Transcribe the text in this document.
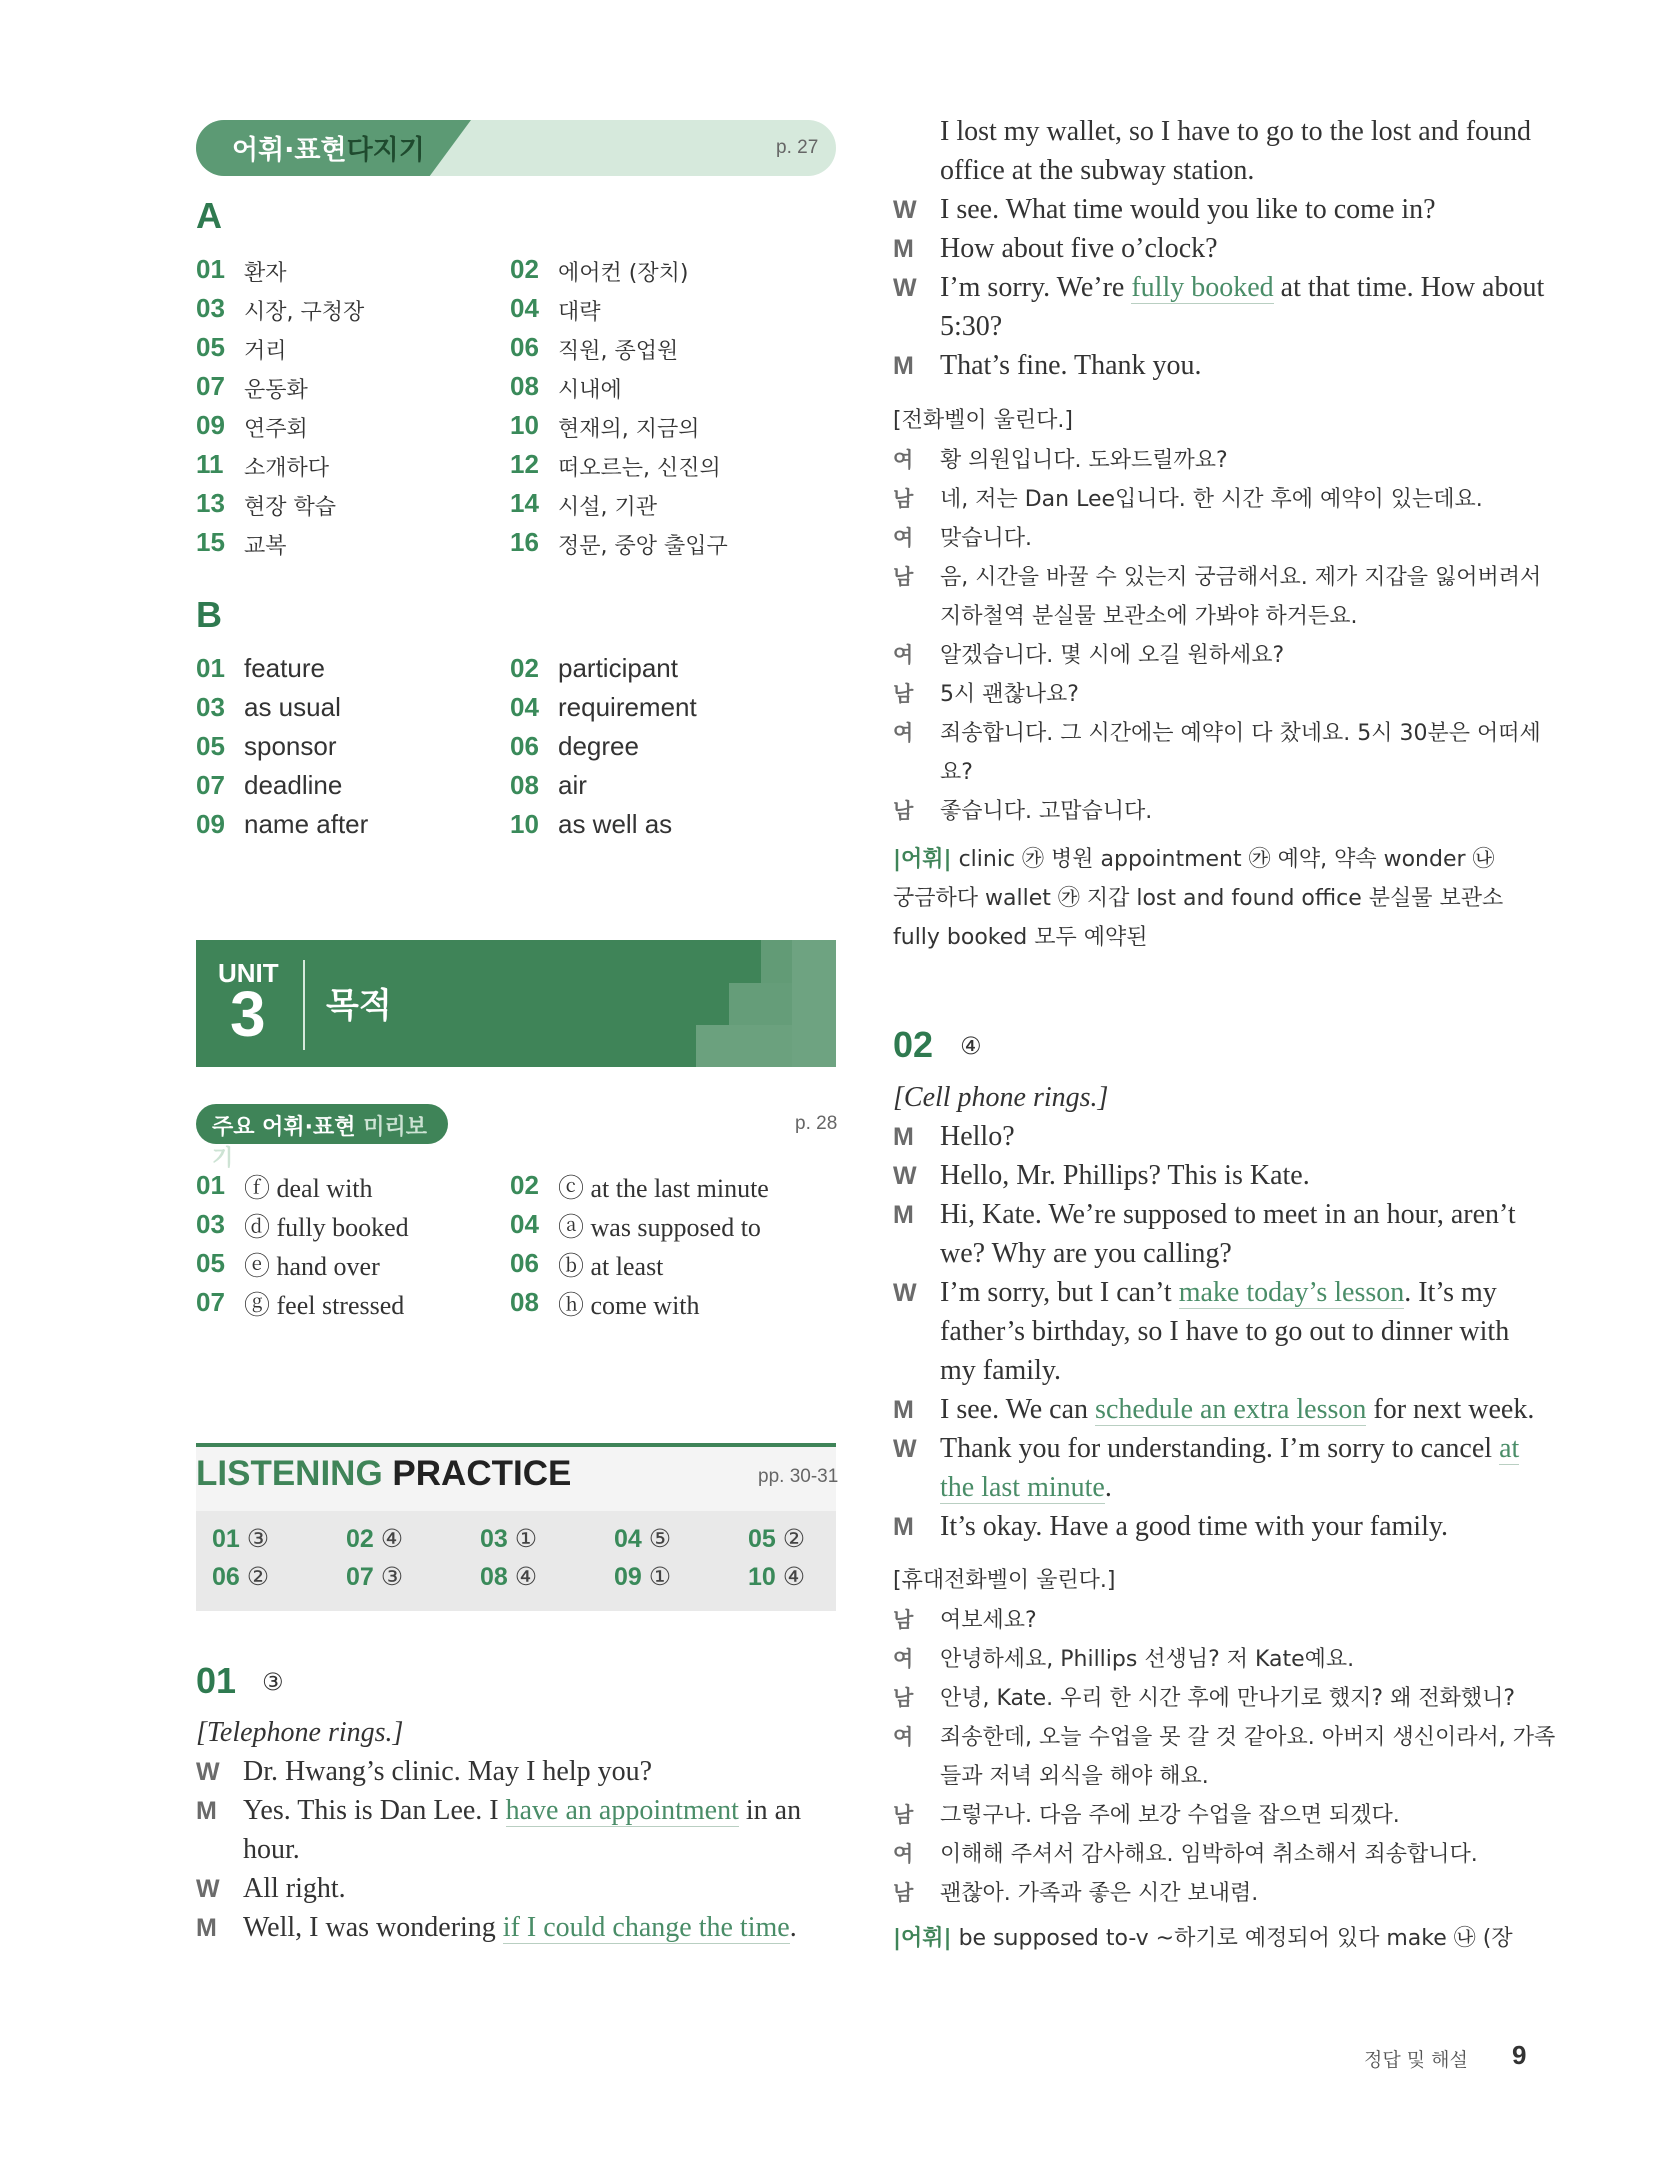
어휘·표현다지기	p. 27
A
01 환자	02 에어컨 (장치)
03 시장, 구청장	04 대략
05 거리	06 직원, 종업원
07 운동화	08 시내에
09 연주회	10 현재의, 지금의
11 소개하다	12 떠오르는, 신진의
13 현장 학습	14 시설, 기관
15 교복	16 정문, 중앙 출입구
B
01 feature	02 participant
03 as usual	04 requirement
05 sponsor	06 degree
07 deadline	08 air
09 name after	10 as well as
UNIT
3 목적
주요 어휘·표현 미리보기
p. 28
01 ⓕ deal with	02 ⓒ at the last minute
03 ⓓ fully booked	04 ⓐ was supposed to
05 ⓔ hand over	06 ⓑ at least
07 ⓖ feel stressed	08 ⓗ come with
LISTENING PRACTICE	pp. 30-31
01 ③	02 ④	03 ①	04 ⑤	05 ②
06 ②	07 ③	08 ④	09 ①	10 ④
01 ③
[Telephone rings.]
W Dr. Hwang’s clinic. May I help you?
M Yes. This is Dan Lee. I have an appointment in an
hour.
W All right.
M Well, I was wondering if I could change the time.
I lost my wallet, so I have to go to the lost and found
office at the subway station.
W I see. What time would you like to come in?
M How about five o’clock?
W I’m sorry. We’re fully booked at that time. How about
5:30?
M That’s fine. Thank you.
[전화벨이 울린다.]
여 황 의원입니다. 도와드릴까요?
남 네, 저는 Dan Lee입니다. 한 시간 후에 예약이 있는데요.
여 맞습니다.
남 음, 시간을 바꿀 수 있는지 궁금해서요. 제가 지갑을 잃어버려서
지하철역 분실물 보관소에 가봐야 하거든요.
여 알겠습니다. 몇 시에 오길 원하세요?
남 5시 괜찮나요?
여 죄송합니다. 그 시간에는 예약이 다 찼네요. 5시 30분은 어떠세
요?
남 좋습니다. 고맙습니다.
|어휘| clinic ㉮ 병원 appointment ㉮ 예약, 약속 wonder ㉯
궁금하다 wallet ㉮ 지갑 lost and found office 분실물 보관소
fully booked 모두 예약된
02 ④
[Cell phone rings.]
M Hello?
W Hello, Mr. Phillips? This is Kate.
M Hi, Kate. We’re supposed to meet in an hour, aren’t
we? Why are you calling?
W I’m sorry, but I can’t make today’s lesson. It’s my
father’s birthday, so I have to go out to dinner with
my family.
M I see. We can schedule an extra lesson for next week.
W Thank you for understanding. I’m sorry to cancel at
the last minute.
M It’s okay. Have a good time with your family.
[휴대전화벨이 울린다.]
남 여보세요?
여 안녕하세요, Phillips 선생님? 저 Kate예요.
남 안녕, Kate. 우리 한 시간 후에 만나기로 했지? 왜 전화했니?
여 죄송한데, 오늘 수업을 못 갈 것 같아요. 아버지 생신이라서, 가족
들과 저녁 외식을 해야 해요.
남 그렇구나. 다음 주에 보강 수업을 잡으면 되겠다.
여 이해해 주셔서 감사해요. 임박하여 취소해서 죄송합니다.
남 괜찮아. 가족과 좋은 시간 보내렴.
|어휘| be supposed to-v ~하기로 예정되어 있다 make ㉯ (장
정답 및 해설 9
